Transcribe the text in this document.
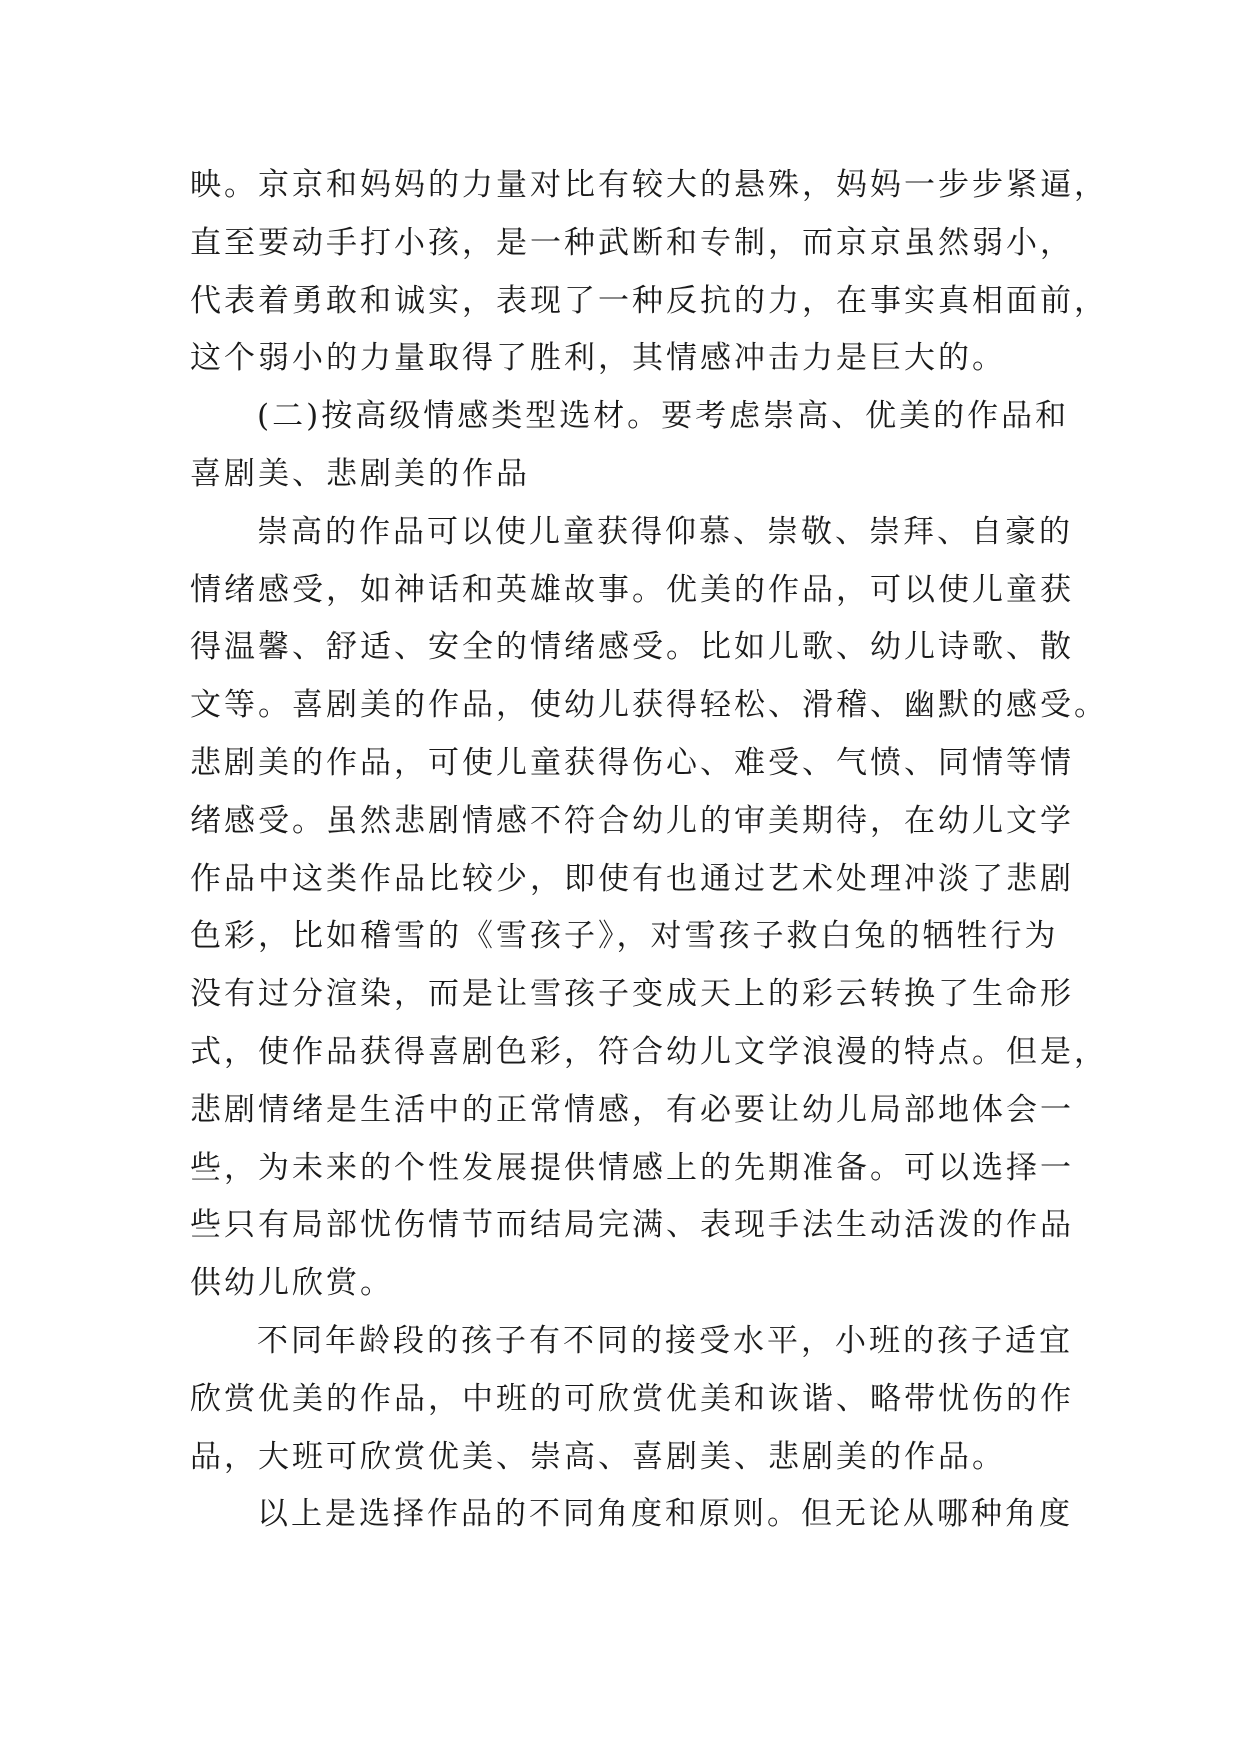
映。京京和妈妈的力量对比有较大的悬殊，妈妈一步步紧逼，
直至要动手打小孩，是一种武断和专制，而京京虽然弱小，
代表着勇敢和诚实，表现了一种反抗的力，在事实真相面前，
这个弱小的力量取得了胜利，其情感冲击力是巨大的。
(二)按高级情感类型选材。要考虑崇高、优美的作品和
喜剧美、悲剧美的作品
崇高的作品可以使儿童获得仰慕、崇敬、崇拜、自豪的
情绪感受，如神话和英雄故事。优美的作品，可以使儿童获
得温馨、舒适、安全的情绪感受。比如儿歌、幼儿诗歌、散
文等。喜剧美的作品，使幼儿获得轻松、滑稽、幽默的感受。
悲剧美的作品，可使儿童获得伤心、难受、气愤、同情等情
绪感受。虽然悲剧情感不符合幼儿的审美期待，在幼儿文学
作品中这类作品比较少，即使有也通过艺术处理冲淡了悲剧
色彩，比如稽雪的《雪孩子》，对雪孩子救白兔的牺牲行为
没有过分渲染，而是让雪孩子变成天上的彩云转换了生命形
式，使作品获得喜剧色彩，符合幼儿文学浪漫的特点。但是，
悲剧情绪是生活中的正常情感，有必要让幼儿局部地体会一
些，为未来的个性发展提供情感上的先期准备。可以选择一
些只有局部忧伤情节而结局完满、表现手法生动活泼的作品
供幼儿欣赏。
不同年龄段的孩子有不同的接受水平，小班的孩子适宜
欣赏优美的作品，中班的可欣赏优美和诙谐、略带忧伤的作
品，大班可欣赏优美、崇高、喜剧美、悲剧美的作品。
以上是选择作品的不同角度和原则。但无论从哪种角度
